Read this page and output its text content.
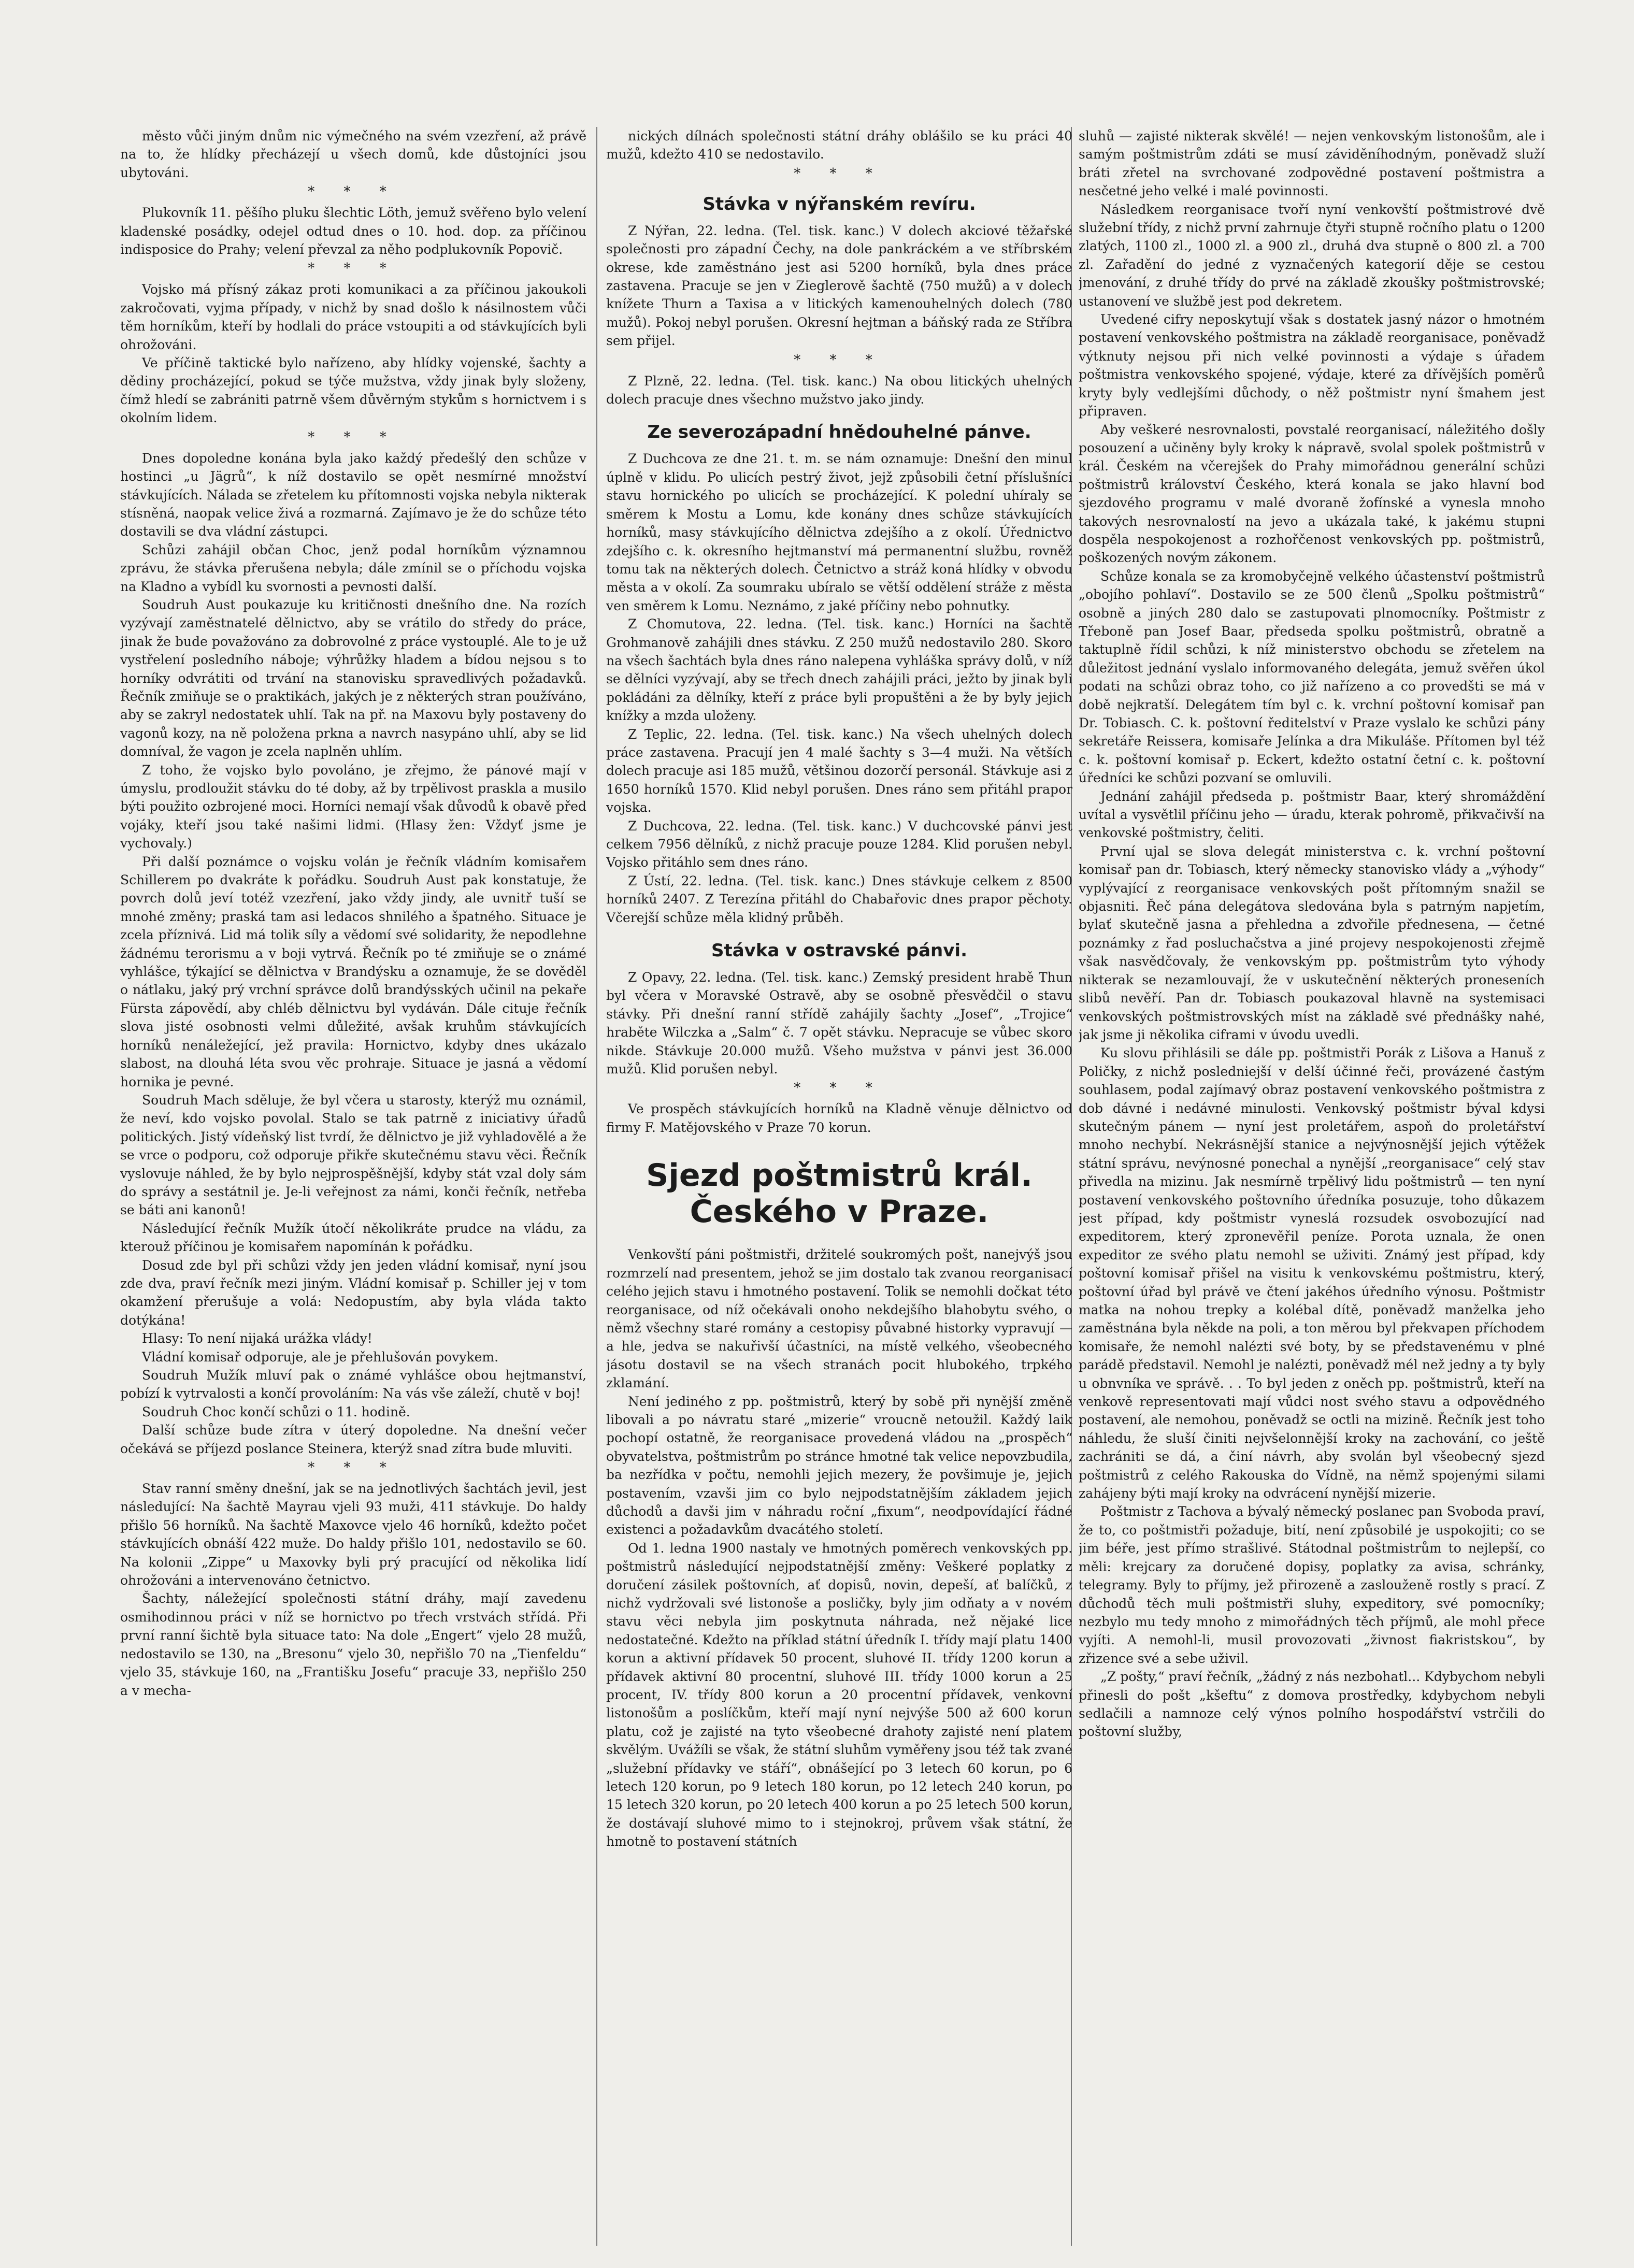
město vůči jiným dnům nic výmečného na svém vzezření, až právě na to, že hlídky přecházejí u všech domů, kde důstojníci jsou ubytováni.

* * *

Plukovník 11. pěšího pluku šlechtic Löth, jemuž svěřeno bylo velení kladenské posádky, odejel odtud dnes o 10. hod. dop. za příčinou indisposice do Prahy; velení převzal za něho podplukovník Popovič.

* * *

Vojsko má přísný zákaz proti komunikaci a za příčinou jakoukoli zakročovati, vyjma případy, v nichž by snad došlo k násilnostem vůči těm horníkům, kteří by hodlali do práce vstoupiti a od stávkujících byli ohrožováni.

Ve příčině taktické bylo nařízeno, aby hlídky vojenské, šachty a dědiny procházející, pokud se týče mužstva, vždy jinak byly složeny, čímž hledí se zabrániti patrně všem důvěrným stykům s hornictvem i s okolním lidem.

* * *

Dnes dopoledne konána byla jako každý předešlý den schůze v hostinci „u Jägrů“, k níž dostavilo se opět nesmírné množství stávkujících. Nálada se zřetelem ku přítomnosti vojska nebyla nikterak stísněná, naopak velice živá a rozmarná. Zajímavo je že do schůze této dostavili se dva vládní zástupci.

Schůzi zahájil občan Choc, jenž podal horníkům významnou zprávu, že stávka přerušena nebyla; dále zmínil se o příchodu vojska na Kladno a vybídl ku svornosti a pevnosti další.

Soudruh Aust poukazuje ku kritičnosti dnešního dne. Na rozích vyzývají zaměstnatelé dělnictvo, aby se vrátilo do středy do práce, jinak že bude považováno za dobrovolné z práce vystouplé. Ale to je už vystřelení posledního náboje; výhrůžky hladem a bídou nejsou s to horníky odvrátiti od trvání na stanovisku spravedlivých požadavků. Řečník zmiňuje se o praktikách, jakých je z některých stran používáno, aby se zakryl nedostatek uhlí. Tak na př. na Maxovu byly postaveny do vagonů kozy, na ně položena prkna a navrch nasypáno uhlí, aby se lid domníval, že vagon je zcela naplněn uhlím.

Z toho, že vojsko bylo povoláno, je zřejmo, že pánové mají v úmyslu, prodloužit stávku do té doby, až by trpělivost praskla a musilo býti použito ozbrojené moci. Horníci nemají však důvodů k obavě před vojáky, kteří jsou také našimi lidmi. (Hlasy žen: Vždyť jsme je vychovaly.)

Při další poznámce o vojsku volán je řečník vládním komisařem Schillerem po dvakráte k pořádku. Soudruh Aust pak konstatuje, že povrch dolů jeví totéž vzezření, jako vždy jindy, ale uvnitř tuší se mnohé změny; praská tam asi ledacos shnilého a špatného. Situace je zcela příznivá. Lid má tolik síly a vědomí své solidarity, že nepodlehne žádnému terorismu a v boji vytrvá. Řečník po té zmiňuje se o známé vyhlášce, týkající se dělnictva v Brandýsku a oznamuje, že se dověděl o nátlaku, jaký prý vrchní správce dolů brandýsských učinil na pekaře Fürsta zápovědí, aby chléb dělnictvu byl vydáván. Dále cituje řečník slova jisté osobnosti velmi důležité, avšak kruhům stávkujících horníků nenáležející, jež pravila: Hornictvo, kdyby dnes ukázalo slabost, na dlouhá léta svou věc prohraje. Situace je jasná a vědomí hornika je pevné.

Soudruh Mach sděluje, že byl včera u starosty, kterýž mu oznámil, že neví, kdo vojsko povolal. Stalo se tak patrně z iniciativy úřadů politických. Jistý vídeňský list tvrdí, že dělnictvo je již vyhladovělé a že se vrce o podporu, což odporuje přikře skutečnému stavu věci. Řečník vyslovuje náhled, že by bylo nejprospěšnější, kdyby stát vzal doly sám do správy a sestátnil je. Je-li veřejnost za námi, konči řečník, netřeba se báti ani kanonů!

Následující řečník Mužík útočí několikráte prudce na vládu, za kterouž příčinou je komisařem napomínán k pořádku.

Dosud zde byl při schůzi vždy jen jeden vládní komisař, nyní jsou zde dva, praví řečník mezi jiným. Vládní komisař p. Schiller jej v tom okamžení přerušuje a volá: Nedopustím, aby byla vláda takto dotýkána!

Hlasy: To není nijaká urážka vlády!

Vládní komisař odporuje, ale je přehlušován povykem.

Soudruh Mužík mluví pak o známé vyhlášce obou hejtmanství, pobízí k vytrvalosti a končí provoláním: Na vás vše záleží, chutě v boj!

Soudruh Choc končí schůzi o 11. hodině.

Další schůze bude zítra v úterý dopoledne. Na dnešní večer očekává se příjezd poslance Steinera, kterýž snad zítra bude mluviti.

* * *

Stav ranní směny dnešní, jak se na jednotlivých šachtách jevil, jest následující: Na šachtě Mayrau vjeli 93 muži, 411 stávkuje. Do haldy přišlo 56 horníků. Na šachtě Maxovce vjelo 46 horníků, kdežto počet stávkujících obnáší 422 muže. Do haldy přišlo 101, nedostavilo se 60. Na kolonii „Zippe“ u Maxovky byli prý pracující od několika lidí ohrožováni a intervenováno četnictvo.

Šachty, náležející společnosti státní dráhy, mají zavedenu osmihodinnou práci v níž se hornictvo po třech vrstvách střídá. Při první ranní šichtě byla situace tato: Na dole „Engert“ vjelo 28 mužů, nedostavilo se 130, na „Bresonu“ vjelo 30, nepřišlo 70 na „Tienfeldu“ vjelo 35, stávkuje 160, na „Františku Josefu“ pracuje 33, nepřišlo 250 a v mecha-

nických dílnách společnosti státní dráhy oblášilo se ku práci 40 mužů, kdežto 410 se nedostavilo.

* * *
Stávka v nýřanském revíru.

Z Nýřan, 22. ledna. (Tel. tisk. kanc.) V dolech akciové těžařské společnosti pro západní Čechy, na dole pankráckém a ve stříbrském okrese, kde zaměstnáno jest asi 5200 horníků, byla dnes práce zastavena. Pracuje se jen v Zieglerově šachtě (750 mužů) a v dolech knížete Thurn a Taxisa a v litických kamenouhelných dolech (780 mužů). Pokoj nebyl porušen. Okresní hejtman a báňský rada ze Stříbra sem přijel.

* * *

Z Plzně, 22. ledna. (Tel. tisk. kanc.) Na obou litických uhelných dolech pracuje dnes všechno mužstvo jako jindy.

Ze severozápadní hnědouhelné pánve.

Z Duchcova ze dne 21. t. m. se nám oznamuje: Dnešní den minul úplně v klidu. Po ulicích pestrý život, jejž způsobili četní příslušníci stavu hornického po ulicích se procházející. K polední uhíraly se směrem k Mostu a Lomu, kde konány dnes schůze stávkujících horníků, masy stávkujícího dělnictva zdejšího a z okolí. Úřednictvo zdejšího c. k. okresního hejtmanství má permanentní službu, rovněž tomu tak na některých dolech. Četnictvo a stráž koná hlídky v obvodu města a v okolí. Za soumraku ubíralo se větší oddělení stráže z města ven směrem k Lomu. Neznámo, z jaké příčiny nebo pohnutky.

Z Chomutova, 22. ledna. (Tel. tisk. kanc.) Horníci na šachtě Grohmanově zahájili dnes stávku. Z 250 mužů nedostavilo 280. Skoro na všech šachtách byla dnes ráno nalepena vyhláška správy dolů, v níž se dělníci vyzývají, aby se třech dnech zahájili práci, ježto by jinak byli pokládáni za dělníky, kteří z práce byli propuštěni a že by byly jejich knížky a mzda uloženy.

Z Teplic, 22. ledna. (Tel. tisk. kanc.) Na všech uhelných dolech práce zastavena. Pracují jen 4 malé šachty s 3—4 muži. Na větších dolech pracuje asi 185 mužů, většinou dozorčí personál. Stávkuje asi z 1650 horníků 1570. Klid nebyl porušen. Dnes ráno sem přitáhl prapor vojska.

Z Duchcova, 22. ledna. (Tel. tisk. kanc.) V duchcovské pánvi jest celkem 7956 dělníků, z nichž pracuje pouze 1284. Klid porušen nebyl. Vojsko přitáhlo sem dnes ráno.

Z Ústí, 22. ledna. (Tel. tisk. kanc.) Dnes stávkuje celkem z 8500 horníků 2407. Z Terezína přitáhl do Chabařovic dnes prapor pěchoty. Včerejší schůze měla klidný průběh.

Stávka v ostravské pánvi.

Z Opavy, 22. ledna. (Tel. tisk. kanc.) Zemský president hrabě Thun byl včera v Moravské Ostravě, aby se osobně přesvědčil o stavu stávky. Při dnešní ranní střídě zahájily šachty „Josef“, „Trojice“ hraběte Wilczka a „Salm“ č. 7 opět stávku. Nepracuje se vůbec skoro nikde. Stávkuje 20.000 mužů. Všeho mužstva v pánvi jest 36.000 mužů. Klid porušen nebyl.

* * *

Ve prospěch stávkujících horníků na Kladně věnuje dělnictvo od firmy F. Matějovského v Praze 70 korun.

Sjezd poštmistrů král. Českého v Praze.

Venkovští páni poštmistři, držitelé soukromých pošt, nanejvýš jsou rozmrzelí nad presentem, jehož se jim dostalo tak zvanou reorganisací celého jejich stavu i hmotného postavení. Tolik se nemohli dočkat této reorganisace, od níž očekávali onoho nekdejšího blahobytu svého, o němž všechny staré romány a cestopisy půvabné historky vypravují — a hle, jedva se nakuřivší účastníci, na místě velkého, všeobecného jásotu dostavil se na všech stranách pocit hlubokého, trpkého zklamání.

Není jediného z pp. poštmistrů, který by sobě při nynější změně libovali a po návratu staré „mizerie“ vroucně netoužil. Každý laik pochopí ostatně, že reorganisace provedená vládou na „prospěch“ obyvatelstva, poštmistrům po stránce hmotné tak velice nepovzbudila, ba nezřídka v počtu, nemohli jejich mezery, že povšimuje je, jejich postavením, vzavši jim co bylo nejpodstatnějším základem jejich důchodů a davši jim v náhradu roční „fixum“, neodpovídající řádné existenci a požadavkům dvacátého století.

Od 1. ledna 1900 nastaly ve hmotných poměrech venkovských pp. poštmistrů následující nejpodstatnější změny: Veškeré poplatky z doručení zásilek poštovních, ať dopisů, novin, depeší, ať balíčků, z nichž vydržovali své listonoše a posličky, byly jim odňaty a v novém stavu věci nebyla jim poskytnuta náhrada, než nějaké lice nedostatečné. Kdežto na příklad státní úředník I. třídy mají platu 1400 korun a aktivní přídavek 50 procent, sluhové II. třídy 1200 korun a přídavek aktivní 80 procentní, sluhové III. třídy 1000 korun a 25 procent, IV. třídy 800 korun a 20 procentní přídavek, venkovní listonošům a poslíčkům, kteří mají nyní nejvýše 500 až 600 korun platu, což je zajisté na tyto všeobecné drahoty zajisté není platem skvělým. Uvážíli se však, že státní sluhům vyměřeny jsou též tak zvané „služební přídavky ve stáří“, obnášející po 3 letech 60 korun, po 6 letech 120 korun, po 9 letech 180 korun, po 12 letech 240 korun, po 15 letech 320 korun, po 20 letech 400 korun a po 25 letech 500 korun, že dostávají sluhové mimo to i stejnokroj, průvem však státní, že hmotně to postavení státních

sluhů — zajisté nikterak skvělé! — nejen venkovským listonošům, ale i samým poštmistrům zdáti se musí záviděníhodným, poněvadž služí bráti zřetel na svrchované zodpovědné postavení poštmistra a nesčetné jeho velké i malé povinnosti.

Následkem reorganisace tvoří nyní venkovští poštmistrové dvě služební třídy, z nichž první zahrnuje čtyři stupně ročního platu o 1200 zlatých, 1100 zl., 1000 zl. a 900 zl., druhá dva stupně o 800 zl. a 700 zl. Zařadění do jedné z vyznačených kategorií děje se cestou jmenování, z druhé třídy do prvé na základě zkoušky poštmistrovské; ustanovení ve službě jest pod dekretem.

Uvedené cifry neposkytují však s dostatek jasný názor o hmotném postavení venkovského poštmistra na základě reorganisace, poněvadž výtknuty nejsou při nich velké povinnosti a výdaje s úřadem poštmistra venkovského spojené, výdaje, které za dřívějších poměrů kryty byly vedlejšími důchody, o něž poštmistr nyní šmahem jest připraven.

Aby veškeré nesrovnalosti, povstalé reorganisací, náležitého došly posouzení a učiněny byly kroky k nápravě, svolal spolek poštmistrů v král. Českém na včerejšek do Prahy mimořádnou generální schůzi poštmistrů království Českého, která konala se jako hlavní bod sjezdového programu v malé dvoraně žofínské a vynesla mnoho takových nesrovnalostí na jevo a ukázala také, k jakému stupni dospěla nespokojenost a rozhořčenost venkovských pp. poštmistrů, poškozených novým zákonem.

Schůze konala se za kromobyčejně velkého účastenství poštmistrů „obojího pohlaví“. Dostavilo se ze 500 členů „Spolku poštmistrů“ osobně a jiných 280 dalo se zastupovati plnomocníky. Poštmistr z Třeboně pan Josef Baar, předseda spolku poštmistrů, obratně a taktuplně řídil schůzi, k níž ministerstvo obchodu se zřetelem na důležitost jednání vyslalo informovaného delegáta, jemuž svěřen úkol podati na schůzi obraz toho, co již nařízeno a co provedšti se má v době nejkratší. Delegátem tím byl c. k. vrchní poštovní komisař pan Dr. Tobiasch. C. k. poštovní ředitelství v Praze vyslalo ke schůzi pány sekretáře Reissera, komisaře Jelínka a dra Mikuláše. Přítomen byl též c. k. poštovní komisař p. Eckert, kdežto ostatní četní c. k. poštovní úředníci ke schůzi pozvaní se omluvili.

Jednání zahájil předseda p. poštmistr Baar, který shromáždění uvítal a vysvětlil příčinu jeho — úradu, kterak pohromě, přikvačivší na venkovské poštmistry, čeliti.

První ujal se slova delegát ministerstva c. k. vrchní poštovní komisař pan dr. Tobiasch, který německy stanovisko vlády a „výhody“ vyplývající z reorganisace venkovských pošt přítomným snažil se objasniti. Řeč pána delegátova sledována byla s patrným napjetím, bylať skutečně jasna a přehledna a zdvořile přednesena, — četné poznámky z řad posluchačstva a jiné projevy nespokojenosti zřejmě však nasvědčovaly, že venkovským pp. poštmistrům tyto výhody nikterak se nezamlouvají, že v uskutečnění některých proneseních slibů nevěří. Pan dr. Tobiasch poukazoval hlavně na systemisaci venkovských poštmistrovských míst na základě své přednášky nahé, jak jsme ji několika ciframi v úvodu uvedli.

Ku slovu přihlásili se dále pp. poštmistři Porák z Lišova a Hanuš z Poličky, z nichž posledniejší v delší účinné řeči, provázené častým souhlasem, podal zajímavý obraz postavení venkovského poštmistra z dob dávné i nedávné minulosti. Venkovský poštmistr býval kdysi skutečným pánem — nyní jest proletářem, aspoň do proletářství mnoho nechybí. Nekrásnější stanice a nejvýnosnější jejich výtěžek státní správu, nevýnosné ponechal a nynější „reorganisace“ celý stav přivedla na mizinu. Jak nesmírně trpělivý lidu poštmistrů — ten nyní postavení venkovského poštovního úředníka posuzuje, toho důkazem jest případ, kdy poštmistr vyneslá rozsudek osvobozující nad expeditorem, který zpronevěřil peníze. Porota uznala, že onen expeditor ze svého platu nemohl se uživiti. Známý jest případ, kdy poštovní komisař přišel na visitu k venkovskému poštmistru, který, poštovní úřad byl právě ve čtení jakéhos úředního výnosu. Poštmistr matka na nohou trepky a kolébal dítě, poněvadž manželka jeho zaměstnána byla někde na poli, a ton měrou byl překvapen příchodem komisaře, že nemohl nalézti své boty, by se představenému v plné parádě představil. Nemohl je nalézti, poněvadž mél než jedny a ty byly u obnvníka ve správě. . . To byl jeden z oněch pp. poštmistrů, kteří na venkově representovati mají vůdci nost svého stavu a odpovědného postavení, ale nemohou, poněvadž se octli na mizině. Řečník jest toho náhledu, že sluší činiti nejvšelonnější kroky na zachování, co ještě zachrániti se dá, a činí návrh, aby svolán byl všeobecný sjezd poštmistrů z celého Rakouska do Vídně, na němž spojenými silami zahájeny býti mají kroky na odvrácení nynější mizerie.

Poštmistr z Tachova a bývalý německý poslanec pan Svoboda praví, že to, co poštmistři požaduje, bití, není způsobilé je uspokojiti; co se jim béře, jest přímo strašlivé. Státodnal poštmistrům to nejlepší, co měli: krejcary za doručené dopisy, poplatky za avisa, schránky, telegramy. Byly to příjmy, jež přirozeně a zaslouženě rostly s prací. Z důchodů těch muli poštmistři sluhy, expeditory, své pomocníky; nezbylo mu tedy mnoho z mimořádných těch příjmů, ale mohl přece vyjíti. A nemohl-li, musil provozovati „živnost fiakristskou“, by zřizence své a sebe uživil.

„Z pošty,“ praví řečník, „žádný z nás nezbohatl... Kdybychom nebyli přinesli do pošt „kšeftu“ z domova prostředky, kdybychom nebyli sedlačili a namnoze celý výnos polního hospodářství vstrčili do poštovní služby,
